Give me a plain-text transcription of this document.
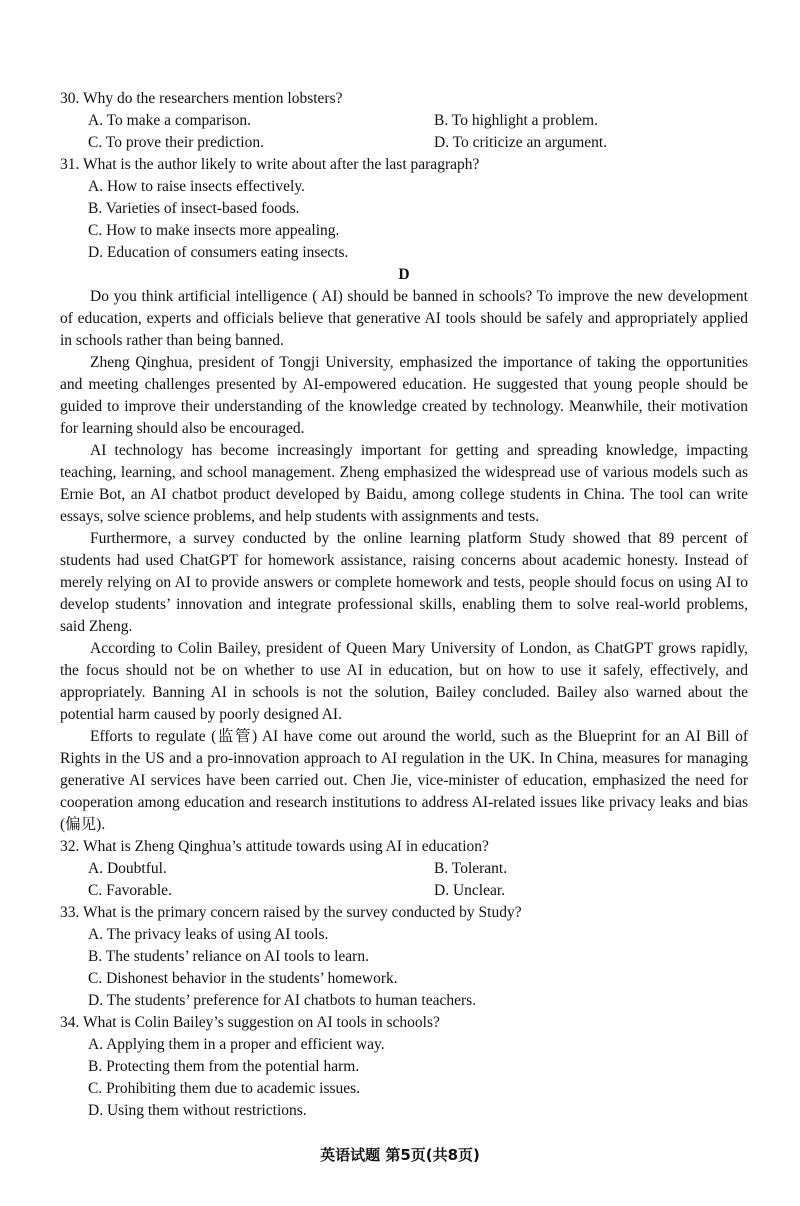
30. Why do the researchers mention lobsters?

A. To make a comparison.	B. To highlight a problem.
C. To prove their prediction.	D. To criticize an argument.

31. What is the author likely to write about after the last paragraph?

A. How to raise insects effectively.

B. Varieties of insect-based foods.

C. How to make insects more appealing.

D. Education of consumers eating insects.

D

Do you think artificial intelligence ( AI) should be banned in schools? To improve the new development of education, experts and officials believe that generative AI tools should be safely and appropriately applied in schools rather than being banned.

Zheng Qinghua, president of Tongji University, emphasized the importance of taking the opportunities and meeting challenges presented by AI-empowered education. He suggested that young people should be guided to improve their understanding of the knowledge created by technology. Meanwhile, their motivation for learning should also be encouraged.

AI technology has become increasingly important for getting and spreading knowledge, impacting teaching, learning, and school management. Zheng emphasized the widespread use of various models such as Ernie Bot, an AI chatbot product developed by Baidu, among college students in China. The tool can write essays, solve science problems, and help students with assignments and tests.

Furthermore, a survey conducted by the online learning platform Study showed that 89 percent of students had used ChatGPT for homework assistance, raising concerns about academic honesty. Instead of merely relying on AI to provide answers or complete homework and tests, people should focus on using AI to develop students’ innovation and integrate professional skills, enabling them to solve real-world problems, said Zheng.

According to Colin Bailey, president of Queen Mary University of London, as ChatGPT grows rapidly, the focus should not be on whether to use AI in education, but on how to use it safely, effectively, and appropriately. Banning AI in schools is not the solution, Bailey concluded. Bailey also warned about the potential harm caused by poorly designed AI.

Efforts to regulate (监管) AI have come out around the world, such as the Blueprint for an AI Bill of Rights in the US and a pro-innovation approach to AI regulation in the UK. In China, measures for managing generative AI services have been carried out. Chen Jie, vice-minister of education, emphasized the need for cooperation among education and research institutions to address AI-related issues like privacy leaks and bias (偏见).

32. What is Zheng Qinghua’s attitude towards using AI in education?

A. Doubtful.	B. Tolerant.
C. Favorable.	D. Unclear.

33. What is the primary concern raised by the survey conducted by Study?

A. The privacy leaks of using AI tools.

B. The students’ reliance on AI tools to learn.

C. Dishonest behavior in the students’ homework.

D. The students’ preference for AI chatbots to human teachers.

34. What is Colin Bailey’s suggestion on AI tools in schools?

A. Applying them in a proper and efficient way.

B. Protecting them from the potential harm.

C. Prohibiting them due to academic issues.

D. Using them without restrictions.

英语试题 第5页(共8页)
